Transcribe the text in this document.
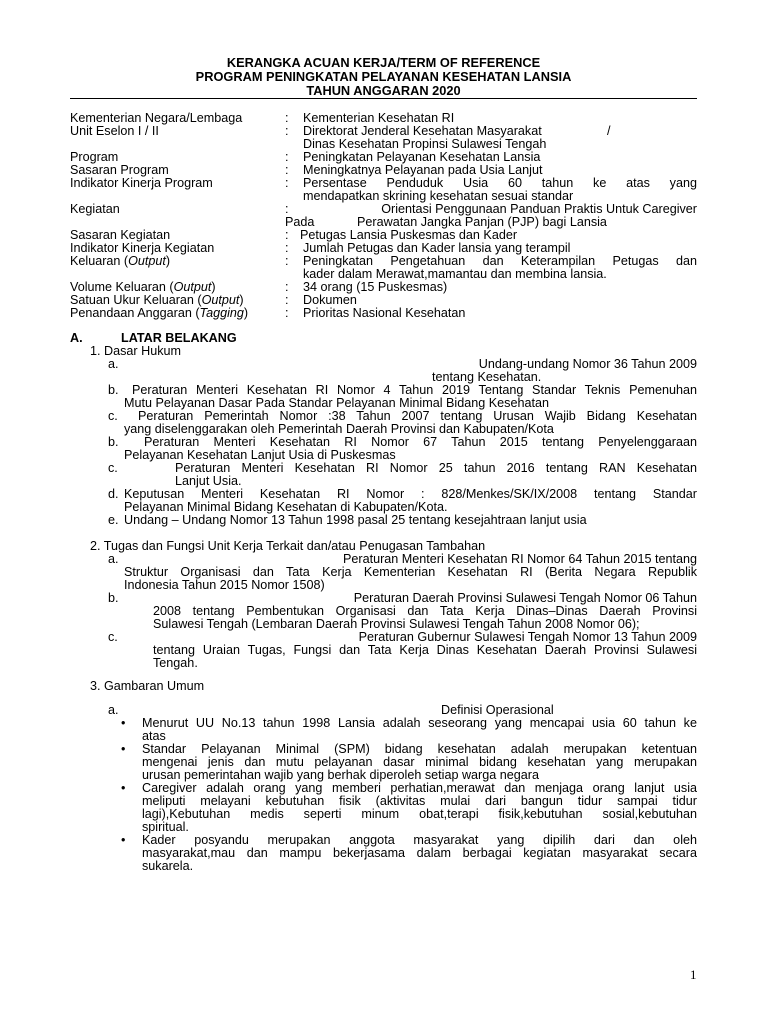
KERANGKA ACUAN KERJA/TERM OF REFERENCE
PROGRAM PENINGKATAN PELAYANAN KESEHATAN LANSIA
TAHUN ANGGARAN 2020
Kementerian Negara/Lembaga	: Kementerian Kesehatan RI
Unit Eselon I / II	: Direktorat Jenderal Kesehatan Masyarakat	/
Dinas Kesehatan Propinsi Sulawesi Tengah
Program	: Peningkatan Pelayanan Kesehatan Lansia
Sasaran Program	: Meningkatnya Pelayanan pada Usia Lanjut
Indikator Kinerja Program	: Persentase Penduduk Usia 60 tahun ke atas yang
mendapatkan skrining kesehatan sesuai standar
Kegiatan	:	Orientasi Penggunaan Panduan Praktis Untuk Caregiver
Pada	Perawatan Jangka Panjan (PJP) bagi Lansia
Sasaran Kegiatan	: Petugas Lansia Puskesmas dan Kader
Indikator Kinerja Kegiatan	: Jumlah Petugas dan Kader lansia yang terampil
Keluaran (Output)	: Peningkatan Pengetahuan dan Keterampilan Petugas dan
kader dalam Merawat,mamantau dan membina lansia.
Volume Keluaran (Output)	: 34 orang (15 Puskesmas)
Satuan Ukur Keluaran (Output)	: Dokumen
Penandaan Anggaran (Tagging)	: Prioritas Nasional Kesehatan
A.	LATAR BELAKANG
1. Dasar Hukum
a.	Undang-undang Nomor 36 Tahun 2009
tentang Kesehatan.
b. Peraturan Menteri Kesehatan RI Nomor 4 Tahun 2019 Tentang Standar Teknis Pemenuhan
Mutu Pelayanan Dasar Pada Standar Pelayanan Minimal Bidang Kesehatan
c. Peraturan Pemerintah Nomor :38 Tahun 2007 tentang Urusan Wajib Bidang Kesehatan
yang diselenggarakan oleh Pemerintah Daerah Provinsi dan Kabupaten/Kota
b. Peraturan Menteri Kesehatan RI Nomor 67 Tahun 2015 tentang Penyelenggaraan
Pelayanan Kesehatan Lanjut Usia di Puskesmas
c.	Peraturan Menteri Kesehatan RI Nomor 25 tahun 2016 tentang RAN Kesehatan
Lanjut Usia.
d. Keputusan Menteri Kesehatan RI Nomor : 828/Menkes/SK/IX/2008 tentang Standar
Pelayanan Minimal Bidang Kesehatan di Kabupaten/Kota.
e. Undang – Undang Nomor 13 Tahun 1998 pasal 25 tentang kesejahtraan lanjut usia
2. Tugas dan Fungsi Unit Kerja Terkait dan/atau Penugasan Tambahan
a.	Peraturan Menteri Kesehatan RI Nomor 64 Tahun 2015 tentang
Struktur Organisasi dan Tata Kerja Kementerian Kesehatan RI (Berita Negara Republik
Indonesia Tahun 2015 Nomor 1508)
b.	Peraturan Daerah Provinsi Sulawesi Tengah Nomor 06 Tahun
2008 tentang Pembentukan Organisasi dan Tata Kerja Dinas–Dinas Daerah Provinsi
Sulawesi Tengah (Lembaran Daerah Provinsi Sulawesi Tengah Tahun 2008 Nomor 06);
c.	Peraturan Gubernur Sulawesi Tengah Nomor 13 Tahun 2009
tentang Uraian Tugas, Fungsi dan Tata Kerja Dinas Kesehatan Daerah Provinsi Sulawesi
Tengah.
3. Gambaran Umum
a.	Definisi Operasional
• Menurut UU No.13 tahun 1998 Lansia adalah seseorang yang mencapai usia 60 tahun ke
atas
• Standar Pelayanan Minimal (SPM) bidang kesehatan adalah merupakan ketentuan
mengenai jenis dan mutu pelayanan dasar minimal bidang kesehatan yang merupakan
urusan pemerintahan wajib yang berhak diperoleh setiap warga negara
• Caregiver adalah orang yang memberi perhatian,merawat dan menjaga orang lanjut usia
meliputi melayani kebutuhan fisik (aktivitas mulai dari bangun tidur sampai tidur
lagi),Kebutuhan medis seperti minum obat,terapi fisik,kebutuhan sosial,kebutuhan
spiritual.
• Kader posyandu merupakan anggota masyarakat yang dipilih dari dan oleh
masyarakat,mau dan mampu bekerjasama dalam berbagai kegiatan masyarakat secara
sukarela.
1
